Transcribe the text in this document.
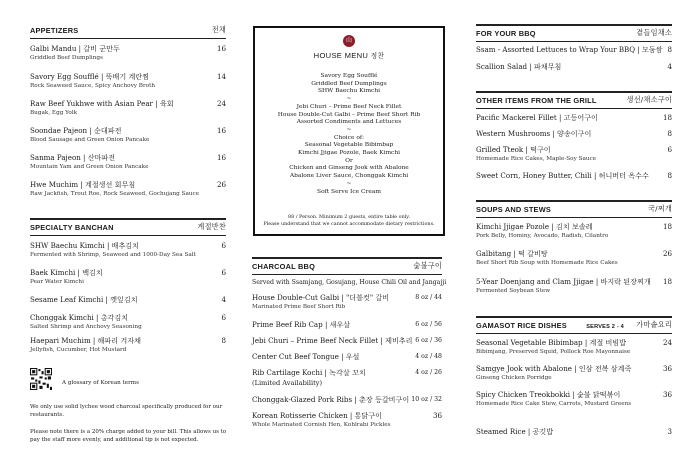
APPETIZERS	전채
Galbi Mandu | 갈비 군만두	16
Griddled Beef Dumplings
Savory Egg Soufflé | 뚝배기 계란찜	14
Rock Seaweed Sauce, Spicy Anchovy Broth
Raw Beef Yukhwe with Asian Pear | 육회	24
Bugak, Egg Yolk
Soondae Pajeon | 순대파전	16
Blood Sausage and Green Onion Pancake
Sanma Pajeon | 산마파전	16
Mountain Yam and Green Onion Pancake
Hwe Muchim | 계절생선 회무침	26
Raw Jackfish, Trout Roe, Rock Seaweed, Gochujang Sauce
SPECIALTY BANCHAN	계절반찬
SHW Baechu Kimchi | 배추김치	6
Fermented with Shrimp, Seaweed and 1000-Day Sea Salt
Baek Kimchi | 백김치	6
Pear Water Kimchi
Sesame Leaf Kimchi | 깻잎김치	4
Chonggak Kimchi | 총각김치	6
Salted Shrimp and Anchovy Seasoning
Haepari Muchim | 해파리 겨자채	8
Jellyfish, Cucumber, Hot Mustard
A glossary of Korean terms
We only use solid lychee wood charcoal specifically produced for our restaurants.
Please note there is a 20% charge added to your bill. This allows us to pay the staff more evenly, and additional tip is not expected.
山
HOUSE MENU 정찬
Savory Egg Soufflé
Griddled Beef Dumplings
SHW Baechu Kimchi
~
Jebi Churi – Prime Beef Neck Fillet
House Double-Cut Galbi – Prime Beef Short Rib
Assorted Condiments and Lettuces
~
Choice of:
Seasonal Vegetable Bibimbap
Kimchi Jjigae Pozole, Baek Kimchi
Or
Chicken and Ginseng Jook with Abalone
Abalone Liver Sauce, Chonggak Kimchi
~
Soft Serve Ice Cream
88 / Person. Minimum 2 guests, entire table only.
Please understand that we cannot accommodate dietary restrictions.
CHARCOAL BBQ	숯불구이
Served with Ssamjang, Gosujang, House Chili Oil and Jangajji
House Double-Cut Galbi | "더블컷" 갈비	8 oz / 44
Marinated Prime Beef Short Rib
Prime Beef Rib Cap | 새우살	6 oz / 56
Jebi Churi – Prime Beef Neck Fillet | 제비추리 6 oz / 36
Center Cut Beef Tongue | 우설	4 oz / 48
Rib Cartilage Kochi | 녹각살 꼬치	4 oz / 26
(Limited Availability)
Chonggak-Glazed Pork Ribs | 춘장 등갈비구이 10 oz / 32
Korean Rotisserie Chicken | 통닭구이	36
Whole Marinated Cornish Hen, Kohlrabi Pickles
FOR YOUR BBQ	곁들임채소
Ssam - Assorted Lettuces to Wrap Your BBQ | 모둠쌈 8
Scallion Salad | 파채무침	4
OTHER ITEMS FROM THE GRILL	생선/채소구이
Pacific Mackerel Fillet | 고등어구이	18
Western Mushrooms | 양송이구이	8
Grilled Tteok | 떡구이	6
Homemade Rice Cakes, Maple-Soy Sauce
Sweet Corn, Honey Butter, Chili | 허니버터 옥수수	8
SOUPS AND STEWS	국/찌개
Kimchi Jjigae Pozole | 김치 보솔레	18
Pork Belly, Hominy, Avocado, Radish, Cilantro
Galbitang | 떡 갈비탕	26
Beef Short Rib Soup with Homemade Rice Cakes
5-Year Doenjang and Clam Jjigae | 바지락 된장찌개 18
Fermented Soybean Stew
GAMASOT RICE DISHES	SERVES 2 - 4 가마솥요리
Seasonal Vegetable Bibimbap | 계절 비빔밥	24
Bibimjang, Preserved Squid, Pollock Roe Mayonnaise
Samgye Jook with Abalone | 인삼 전복 삼계죽	36
Ginseng Chicken Porridge
Spicy Chicken Treokbokki | 숯불 닭떡볶이	36
Homemade Rice Cake Stew, Carrots, Mustard Greens
Steamed Rice | 공깃밥	3
